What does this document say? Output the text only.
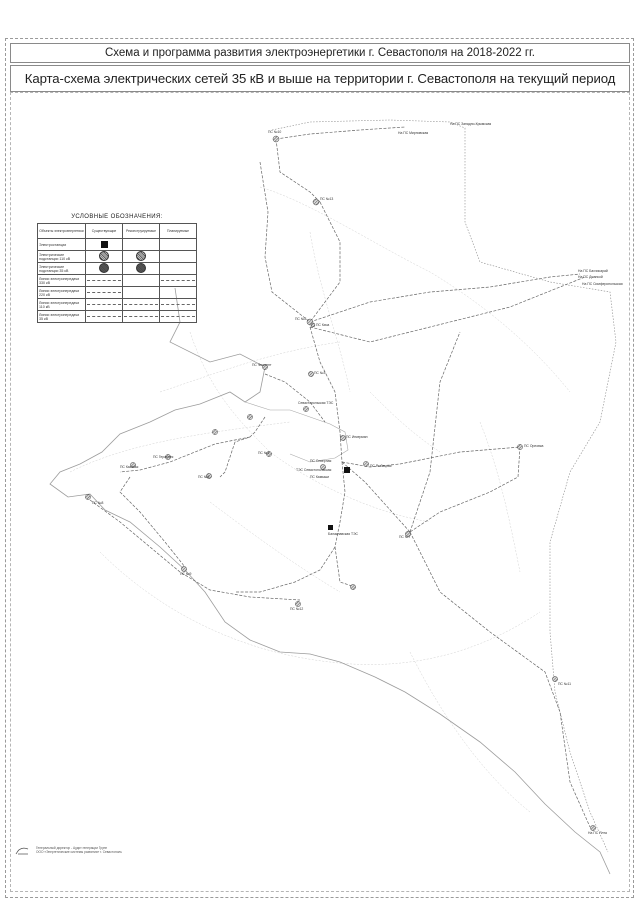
Схема и программа развития электроэнергетики г. Севастополя на 2018-2022 гг.
Карта-схема электрических сетей 35 кВ и выше на территории г. Севастополя на текущий период
ПС №10	На ПС Мирновская
На ПС Западно-Крымская
ПС №13
На ПС Бахчисарай
На ПС Джанкой
На ПС Симферопольская
ПС Кача
ПС №2
ПС Фиолент
ПС №3
Севастопольская ТЭС
ПС Инкерман
ПС Орловка
ПС Северная
ТЭС Севастопольская
ПС Камыши
ПС Рыбацкая
Балаклавская ТЭС
ПС №7
ПС Казачья
ПС Гераклея
ПС №4
ПС №6
ПС №8
ПС №9
ПС №12
ПС №11
На ПС Ялта
УСЛОВНЫЕ ОБОЗНАЧЕНИЯ:
Объекты электроэнергетики	Существующие	Реконструируемые	Планируемые
Электростанции			
Электрические подстанции 110 кВ			
Электрические подстанции 35 кВ			
Линии электропередачи 330 кВ	

Линии электропередачи 220 кВ	

Линии электропередачи 110 кВ	

Линии электропередачи 35 кВ	

Генеральный директор - Аудит генерации Групп
ООО «Энергетические системы развития» г. Севастополь
